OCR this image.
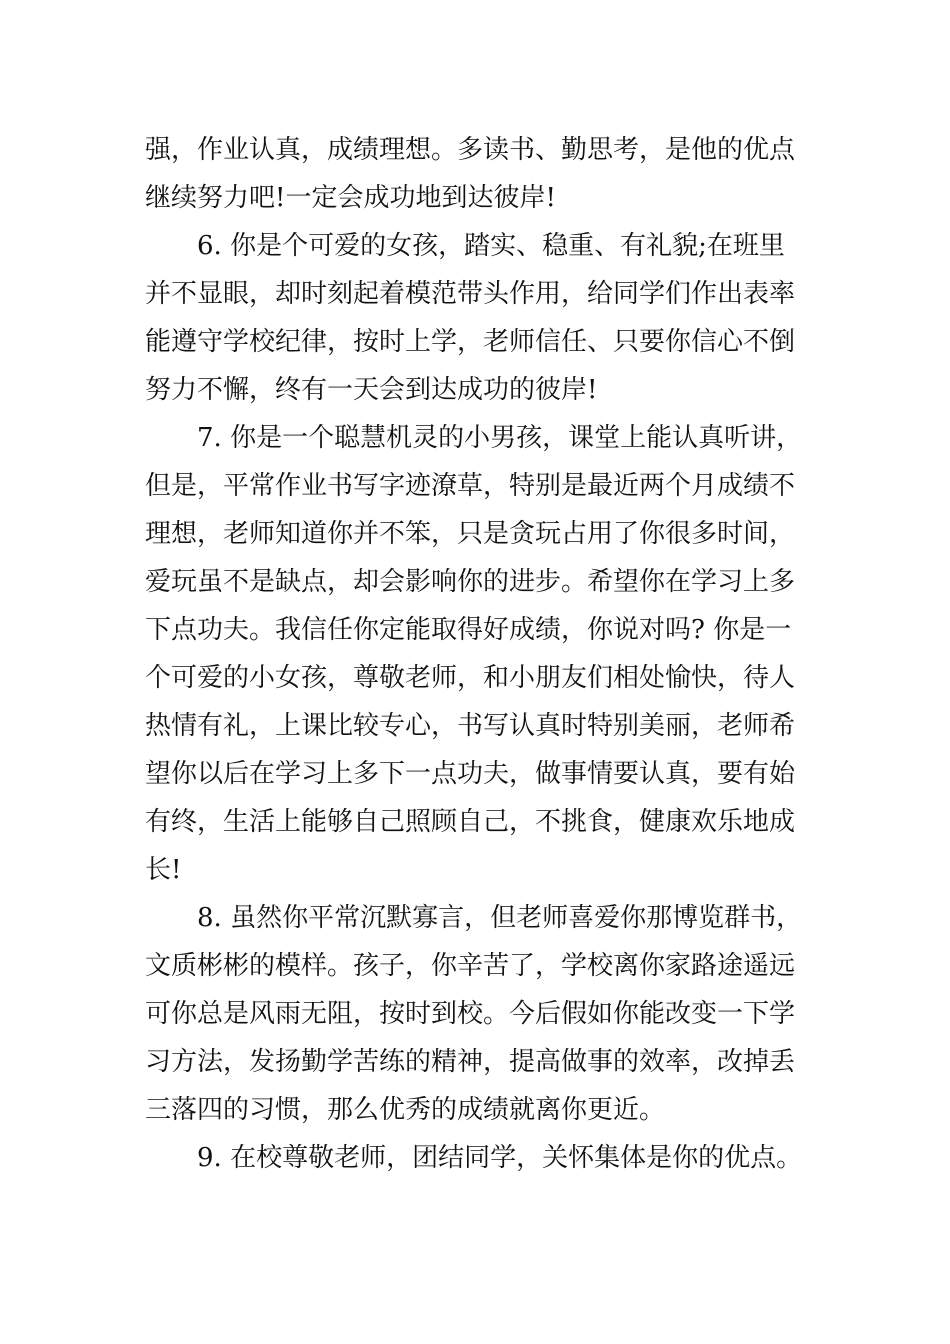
强，作业认真，成绩理想。多读书、勤思考，是他的优点
继续努力吧!一定会成功地到达彼岸!
6. 你是个可爱的女孩，踏实、稳重、有礼貌;在班里
并不显眼，却时刻起着模范带头作用，给同学们作出表率
能遵守学校纪律，按时上学，老师信任、只要你信心不倒
努力不懈，终有一天会到达成功的彼岸!
7. 你是一个聪慧机灵的小男孩，课堂上能认真听讲，
但是，平常作业书写字迹潦草，特别是最近两个月成绩不
理想，老师知道你并不笨，只是贪玩占用了你很多时间，
爱玩虽不是缺点，却会影响你的进步。希望你在学习上多
下点功夫。我信任你定能取得好成绩，你说对吗? 你是一
个可爱的小女孩，尊敬老师，和小朋友们相处愉快，待人
热情有礼，上课比较专心，书写认真时特别美丽，老师希
望你以后在学习上多下一点功夫，做事情要认真，要有始
有终，生活上能够自己照顾自己，不挑食，健康欢乐地成
长!
8. 虽然你平常沉默寡言，但老师喜爱你那博览群书，
文质彬彬的模样。孩子，你辛苦了，学校离你家路途遥远
可你总是风雨无阻，按时到校。今后假如你能改变一下学
习方法，发扬勤学苦练的精神，提高做事的效率，改掉丢
三落四的习惯，那么优秀的成绩就离你更近。
9. 在校尊敬老师，团结同学，关怀集体是你的优点。
